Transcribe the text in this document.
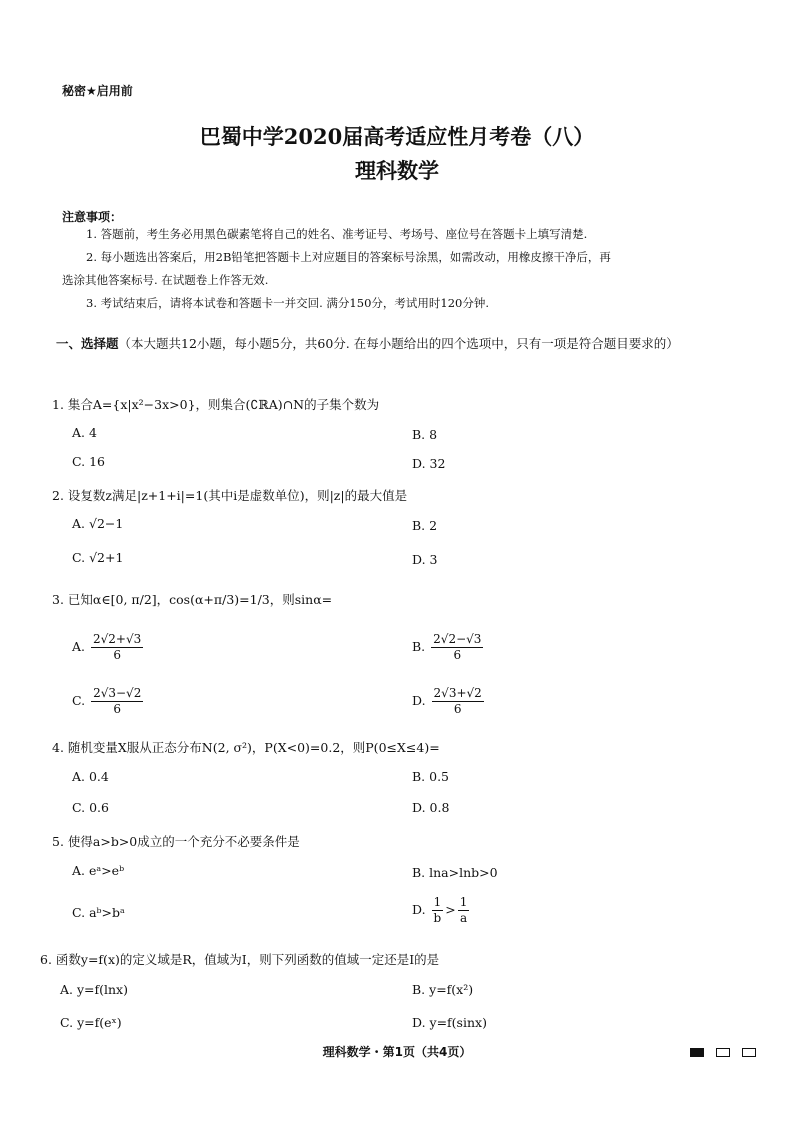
秘密★启用前
巴蜀中学2020届高考适应性月考卷（八）
理科数学
注意事项：
1. 答题前，考生务必用黑色碳素笔将自己的姓名、准考证号、考场号、座位号在答题卡上填写清楚.
2. 每小题选出答案后，用2B铅笔把答题卡上对应题目的答案标号涂黑，如需改动，用橡皮擦干净后，再
选涂其他答案标号. 在试题卷上作答无效.
3. 考试结束后，请将本试卷和答题卡一并交回. 满分150分，考试用时120分钟.
一、选择题（本大题共12小题，每小题5分，共60分. 在每小题给出的四个选项中，只有一项是符合题目要求的）
1. 集合A={x|x²−3x>0}，则集合(∁ℝA)∩N的子集个数为
A. 4	B. 8
C. 16	D. 32
2. 设复数z满足|z+1+i|=1(其中i是虚数单位)，则|z|的最大值是
A. √2−1	B. 2
C. √2+1	D. 3
3. 已知α∈[0, π/2]，cos(α+π/3)=1/3，则sinα=
A. $\frac{2√2+√3}{6}$	B. $\frac{2√2-√3}{6}$
C. $\frac{2√3-√2}{6}$	D. $\frac{2√3+√2}{6}$
4. 随机变量X服从正态分布N(2, σ²)，P(X<0)=0.2，则P(0≤X≤4)=
A. 0.4	B. 0.5
C. 0.6	D. 0.8
5. 使得a>b>0成立的一个充分不必要条件是
A. eᵃ>eᵇ	B. lna>lnb>0
C. aᵇ>bᵃ	D. $\frac{1}{b} > \frac{1}{a}$
6. 函数y=f(x)的定义域是R，值域为I，则下列函数的值域一定还是I的是
A. y=f(lnx)	B. y=f(x²)
C. y=f(eˣ)	D. y=f(sinx)
理科数学・第1页（共4页）
